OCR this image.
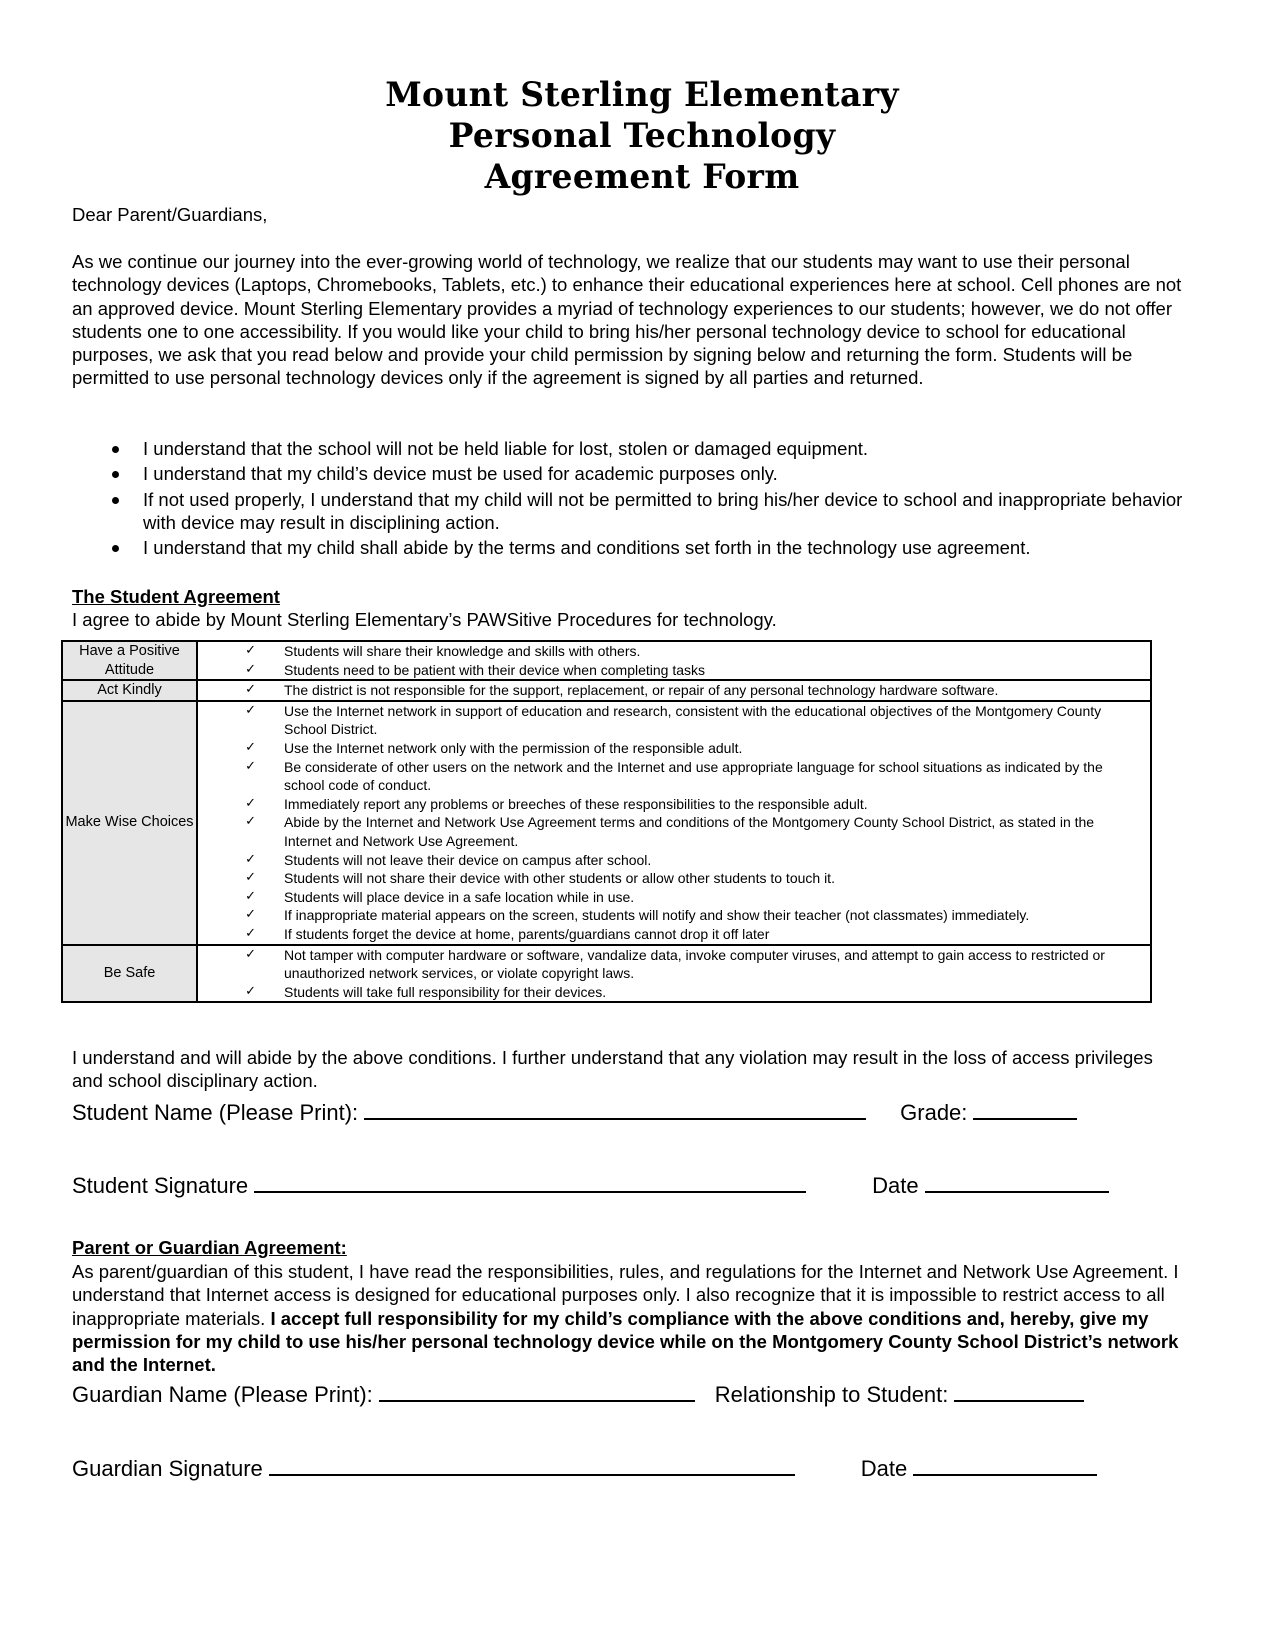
Mount Sterling Elementary
Personal Technology
Agreement Form
Dear Parent/Guardians,
As we continue our journey into the ever-growing world of technology, we realize that our students may want to use their personal technology devices (Laptops, Chromebooks, Tablets, etc.) to enhance their educational experiences here at school. Cell phones are not an approved device. Mount Sterling Elementary provides a myriad of technology experiences to our students; however, we do not offer students one to one accessibility. If you would like your child to bring his/her personal technology device to school for educational purposes, we ask that you read below and provide your child permission by signing below and returning the form. Students will be permitted to use personal technology devices only if the agreement is signed by all parties and returned.
I understand that the school will not be held liable for lost, stolen or damaged equipment.
I understand that my child’s device must be used for academic purposes only.
If not used properly, I understand that my child will not be permitted to bring his/her device to school and inappropriate behavior with device may result in disciplining action.
I understand that my child shall abide by the terms and conditions set forth in the technology use agreement.
The Student Agreement
I agree to abide by Mount Sterling Elementary’s PAWSitive Procedures for technology.
Have a Positive Attitude	✓ Students will share their knowledge and skills with others.
✓ Students need to be patient with their device when completing tasks

Act Kindly	✓ The district is not responsible for the support, replacement, or repair of any personal technology hardware software.

Make Wise Choices	
✓	Use the Internet network in support of education and research, consistent with the educational objectives of the Montgomery County School District.
✓	Use the Internet network only with the permission of the responsible adult.
✓	Be considerate of other users on the network and the Internet and use appropriate language for school situations as indicated by the school code of conduct.
✓	Immediately report any problems or breeches of these responsibilities to the responsible adult.
✓	Abide by the Internet and Network Use Agreement terms and conditions of the Montgomery County School District, as stated in the Internet and Network Use Agreement.
✓	Students will not leave their device on campus after school.
✓	Students will not share their device with other students or allow other students to touch it.
✓	Students will place device in a safe location while in use.
✓	If inappropriate material appears on the screen, students will notify and show their teacher (not classmates) immediately.
✓	If students forget the device at home, parents/guardians cannot drop it off later

Be Safe	✓ Not tamper with computer hardware or software, vandalize data, invoke computer viruses, and attempt to gain access to restricted or unauthorized network services, or violate copyright laws.
✓ Students will take full responsibility for their devices.
I understand and will abide by the above conditions. I further understand that any violation may result in the loss of access privileges and school disciplinary action.
Student Name (Please Print):	Grade:
Student Signature	Date
Parent or Guardian Agreement:
As parent/guardian of this student, I have read the responsibilities, rules, and regulations for the Internet and Network Use Agreement. I understand that Internet access is designed for educational purposes only. I also recognize that it is impossible to restrict access to all inappropriate materials. I accept full responsibility for my child’s compliance with the above conditions and, hereby, give my permission for my child to use his/her personal technology device while on the Montgomery County School District’s network and the Internet.
Guardian Name (Please Print):	Relationship to Student:
Guardian Signature	Date
